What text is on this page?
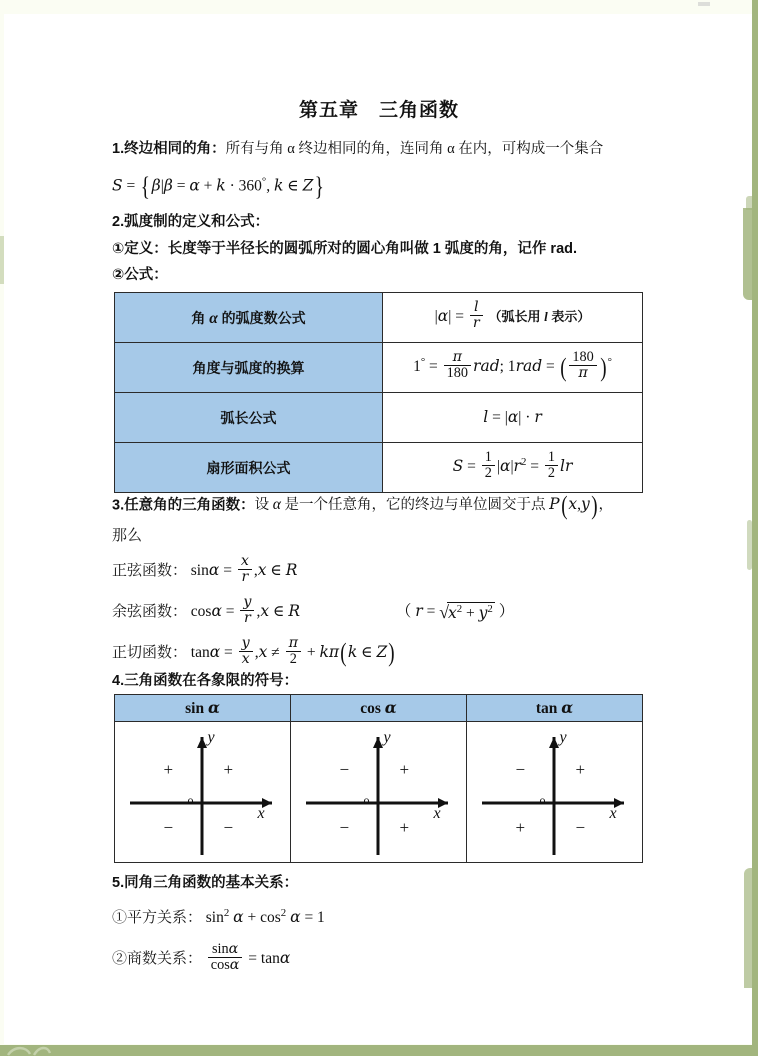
第五章　三角函数
1.终边相同的角：所有与角 α 终边相同的角，连同角 α 在内，可构成一个集合
S = { β|β = α + k · 360°, k ∈ Z}
2.弧度制的定义和公式：
①定义：长度等于半径长的圆弧所对的圆心角叫做 1 弧度的角，记作 rad.
②公式：
角 α 的弧度数公式	$|\alpha| = \frac{l}{r}$ （弧长用 l 表示）
角度与弧度的换算	$1^\circ = \frac{\pi}{180}$ rad; 1rad = ( $\frac{180}{\pi} )^\circ$
弧长公式	l = |α| · r
扇形面积公式	$S = \frac{1}{2} |\alpha|r^2 = \frac{1}{2}$ lr
3.任意角的三角函数：设 α 是一个任意角，它的终边与单位圆交于点 P(x,y)，
那么
正弦函数： $\sin\alpha = \frac{x}{r} ,x$ ∈ R
余弦函数： $\cos\alpha = \frac{y}{r} ,x$ ∈ R	（ $r = √x^2 + y^2$ ）
正切函数： $\tan\alpha = \frac{y}{x} ,x \ne \frac{\pi}{2} + k\pi(k$ ∈ Z)
4.三角函数在各象限的符号：
sin α	cos α	tan α

y
x
o
+	+
−	−

y
x
o
−	+
−	+

y
x
o
−	+
+	−
5.同角三角函数的基本关系：
①平方关系： $\sin^2 \alpha + \cos^2 \alpha = 1$
②商数关系： $\frac{\sin\alpha}{\cos\alpha} = \tan\alpha$
